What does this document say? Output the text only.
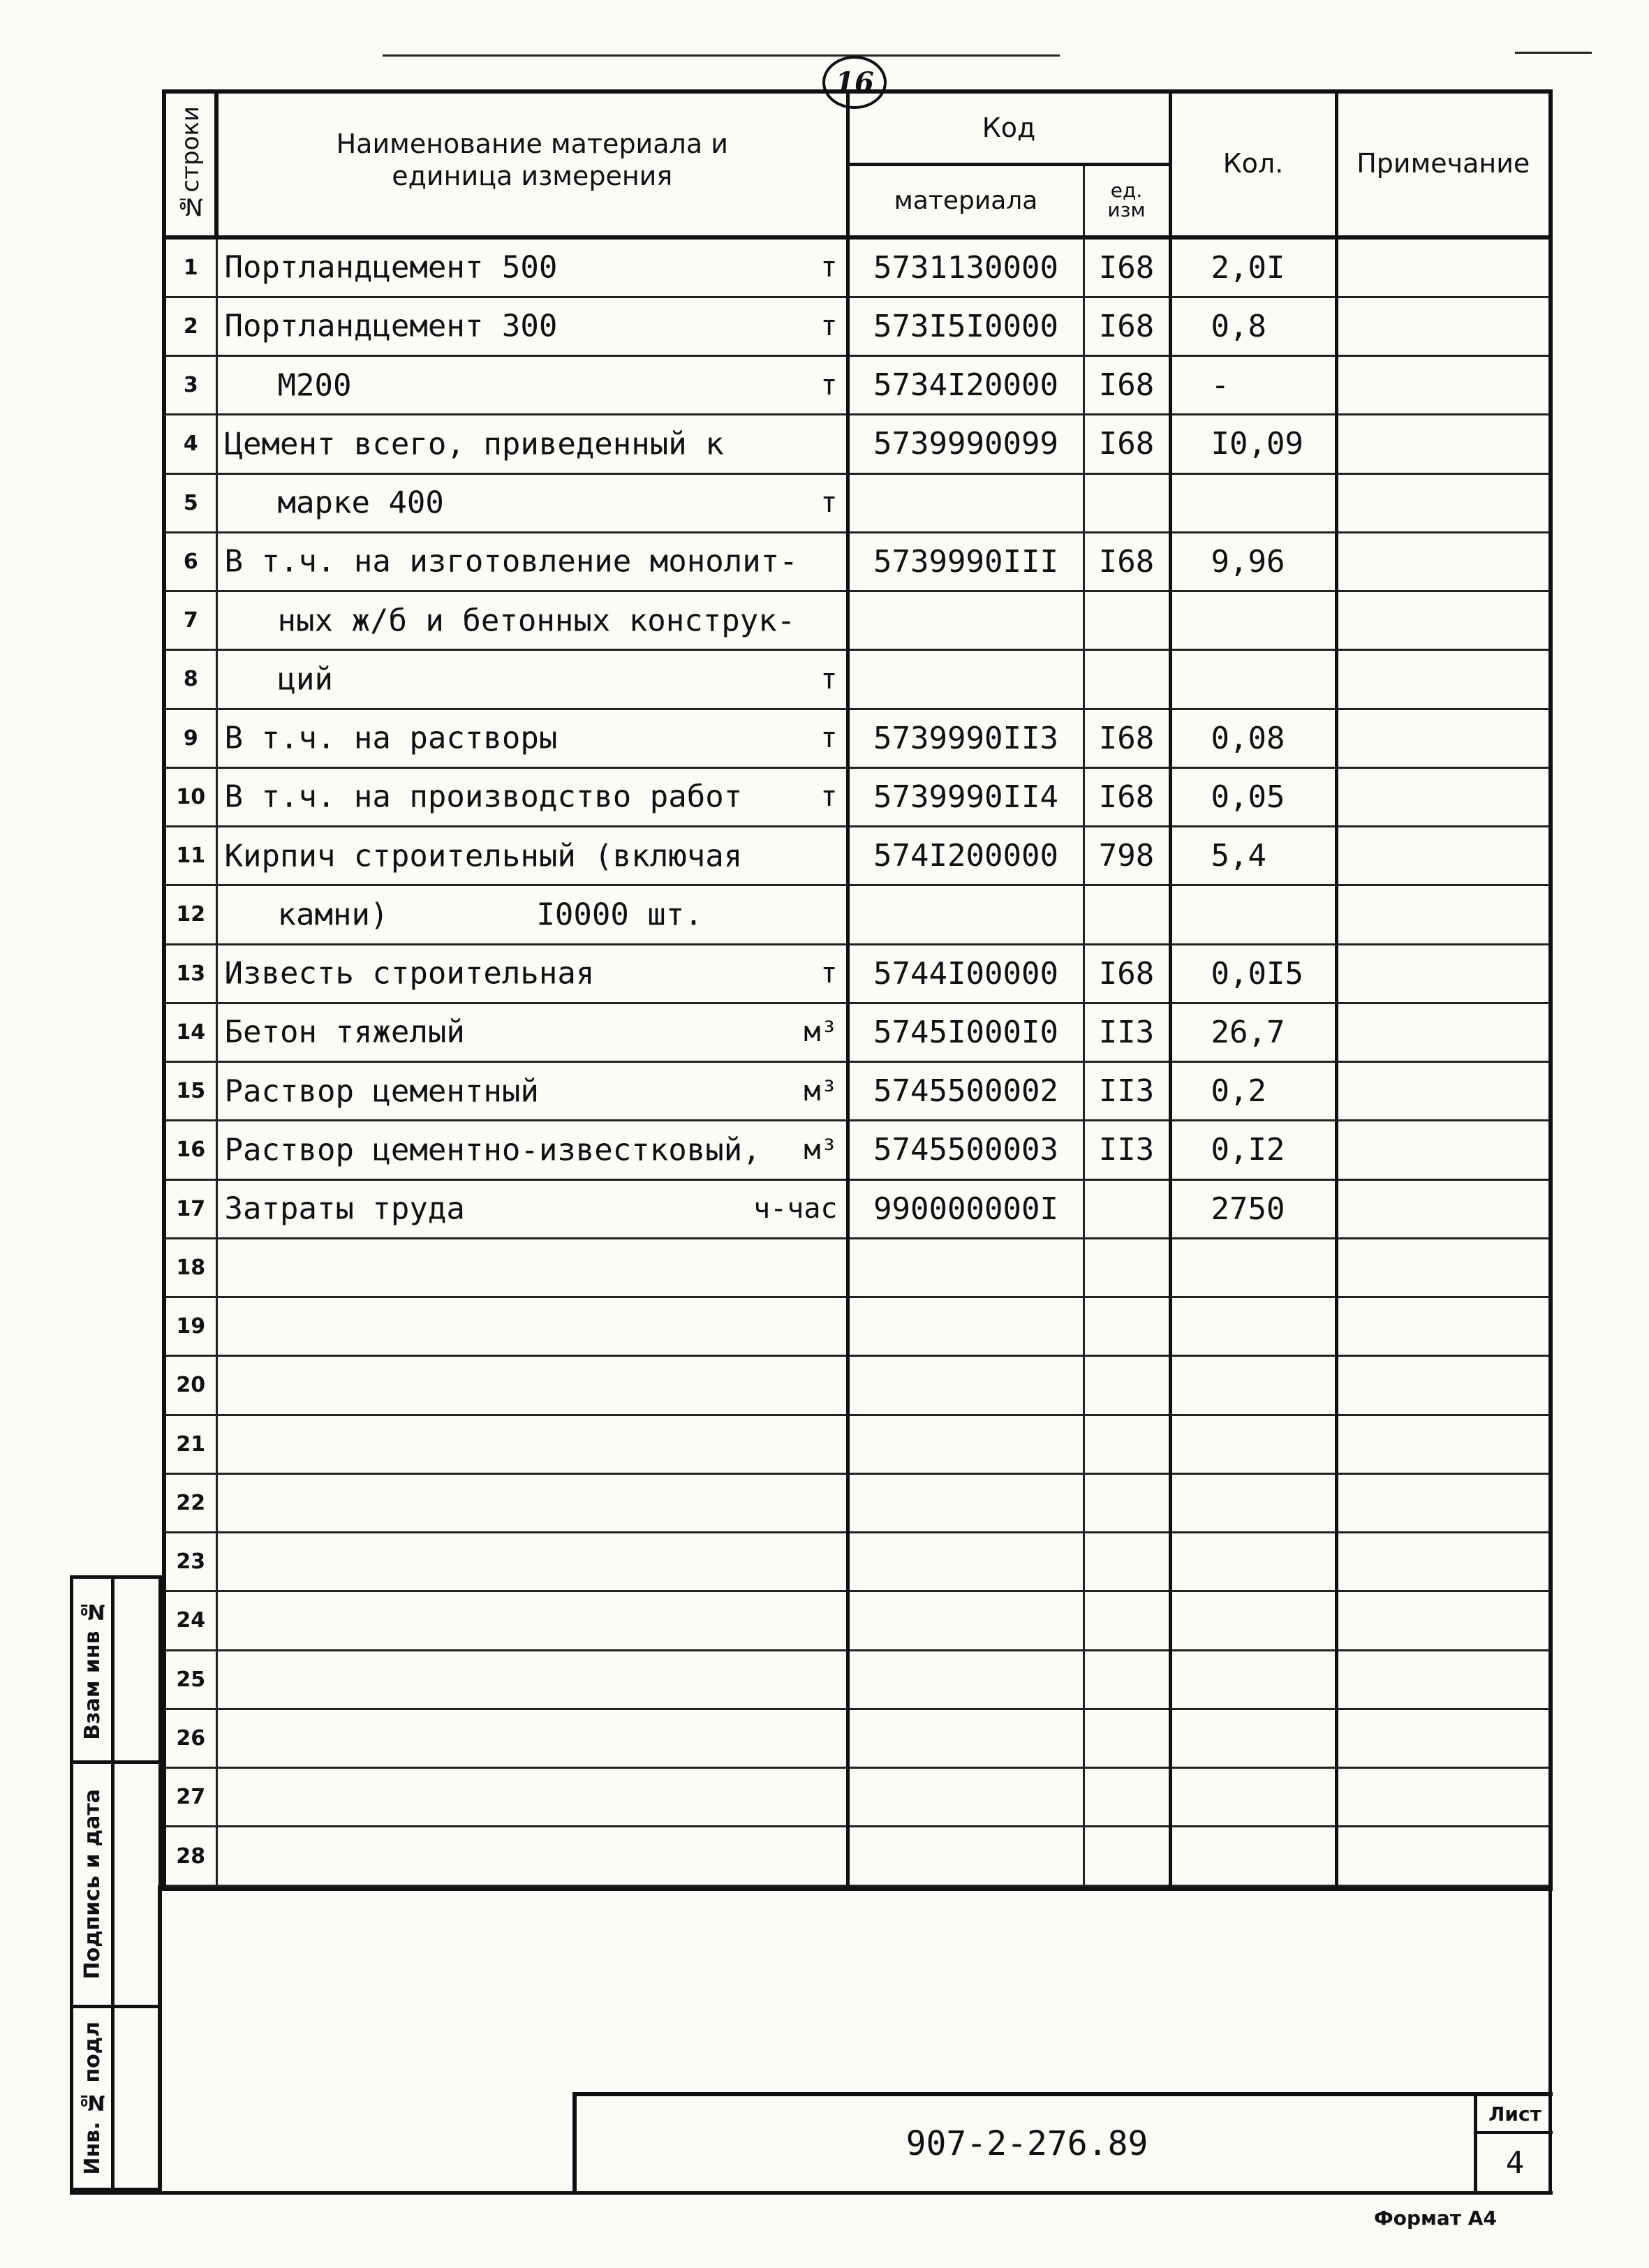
16
№строки	Наименование материала и единица измерения	Код		Кол.	Примечание
		материала	ед. изм		
1	Портландцемент 500 т	5731130000	I68	2,0I	
2	Портландцемент 300 т	573I5I0000	I68	0,8	
3	М200 т	5734I20000	I68	-	
4	Цемент всего, приведенный к	5739990099	I68	I0,09	
5	марке 400 т				

6	В т.ч. на изготовление монолит-	5739990III	I68	9,96	
7	ных ж/б и бетонных конструк-				

8	ций т				

9	В т.ч. на растворы т	5739990II3	I68	0,08	
10	В т.ч. на производство работ т	5739990II4	I68	0,05	
11	Кирпич строительный (включая	574I200000	798	5,4	
12	камни)        I0000 шт.				

13	Известь строительная т	5744I00000	I68	0,0I5	
14	Бетон тяжелый м³	5745I000I0	II3	26,7	
15	Раствор цементный м³	5745500002	II3	0,2	
16	Раствор цементно-известковый, м³	5745500003	II3	0,I2	
17	Затраты труда ч-час	990000000I		2750	
18	

19	

20	

21	

22	

23	

24	

25	

26	

27	

28	

Взам инв №
Подпись и дата
Инв. № подл	907-2-276.89
Лист
4
Формат А4
